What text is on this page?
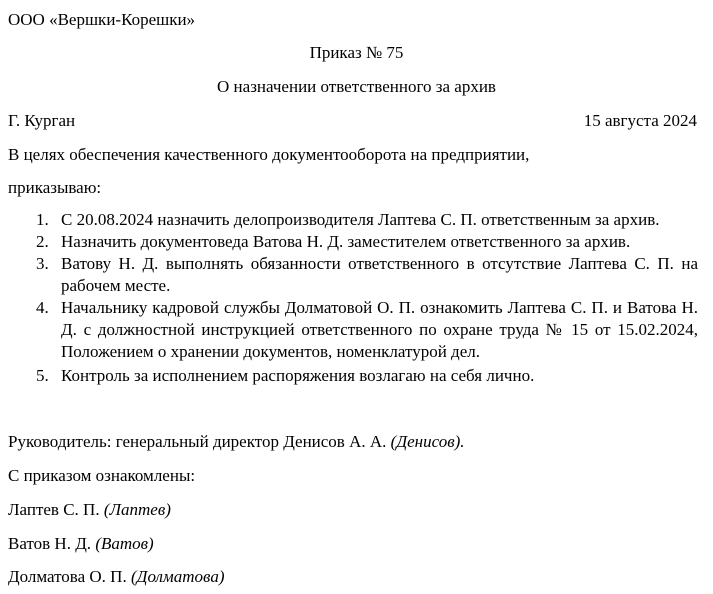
ООО «Вершки-Корешки»
Приказ № 75
О назначении ответственного за архив
Г. Курган	15 августа 2024
В целях обеспечения качественного документооборота на предприятии,
приказываю:
1. С 20.08.2024 назначить делопроизводителя Лаптева С. П. ответственным за архив.
2. Назначить документоведа Ватова Н. Д. заместителем ответственного за архив.
3. Ватову Н. Д. выполнять обязанности ответственного в отсутствие Лаптева С. П. на рабочем месте.
4. Начальнику кадровой службы Долматовой О. П. ознакомить Лаптева С. П. и Ватова Н. Д. с должностной инструкцией ответственного по охране труда № 15 от 15.02.2024, Положением о хранении документов, номенклатурой дел.
5. Контроль за исполнением распоряжения возлагаю на себя лично.
Руководитель: генеральный директор Денисов А. А. (Денисов).
С приказом ознакомлены:
Лаптев С. П. (Лаптев)
Ватов Н. Д. (Ватов)
Долматова О. П. (Долматова)
